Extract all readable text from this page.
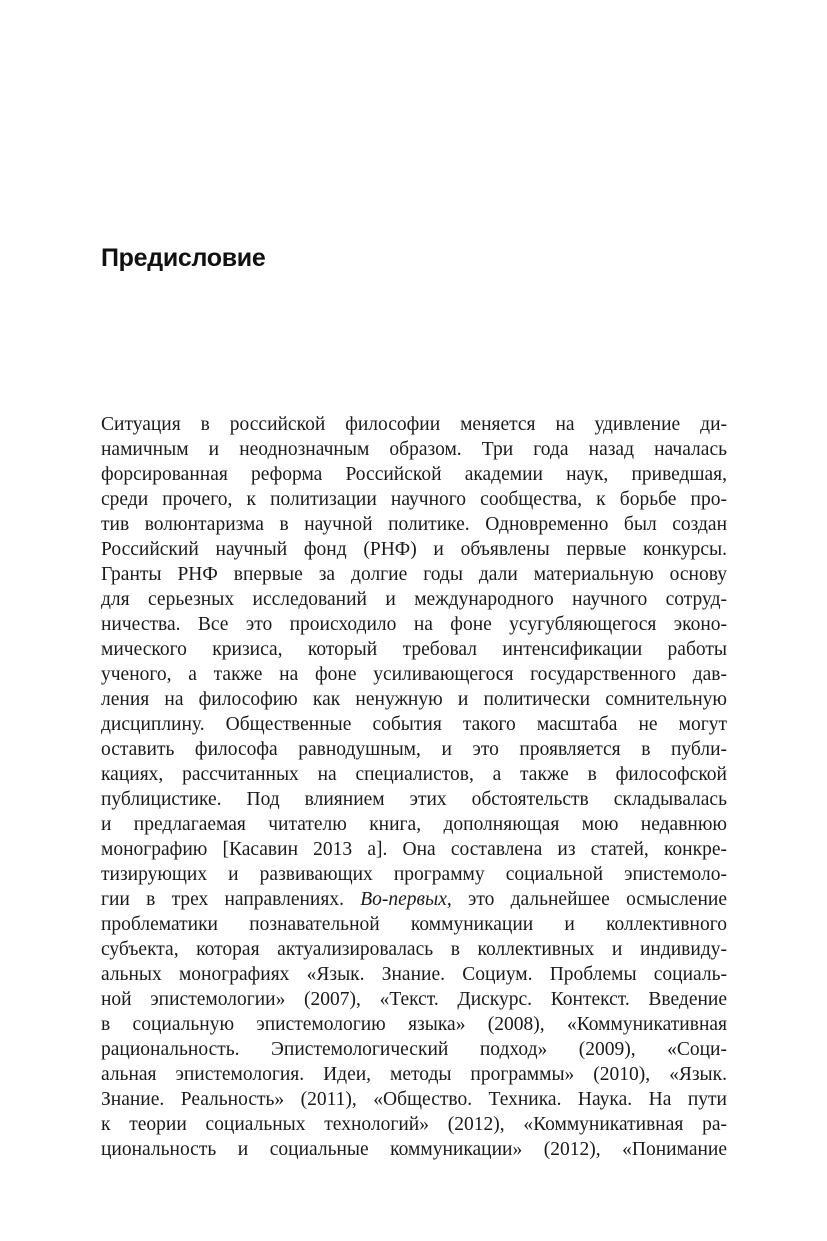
Предисловие
Ситуация в российской философии меняется на удивление ди-
намичным и неоднозначным образом. Три года назад началась
форсированная реформа Российской академии наук, приведшая,
среди прочего, к политизации научного сообщества, к борьбе про-
тив волюнтаризма в научной политике. Одновременно был создан
Российский научный фонд (РНФ) и объявлены первые конкурсы.
Гранты РНФ впервые за долгие годы дали материальную основу
для серьезных исследований и международного научного сотруд-
ничества. Все это происходило на фоне усугубляющегося эконо-
мического кризиса, который требовал интенсификации работы
ученого, а также на фоне усиливающегося государственного дав-
ления на философию как ненужную и политически сомнительную
дисциплину. Общественные события такого масштаба не могут
оставить философа равнодушным, и это проявляется в публи-
кациях, рассчитанных на специалистов, а также в философской
публицистике. Под влиянием этих обстоятельств складывалась
и предлагаемая читателю книга, дополняющая мою недавнюю
монографию [Касавин 2013 а]. Она составлена из статей, конкре-
тизирующих и развивающих программу социальной эпистемоло-
гии в трех направлениях. Во-первых, это дальнейшее осмысление
проблематики познавательной коммуникации и коллективного
субъекта, которая актуализировалась в коллективных и индивиду-
альных монографиях «Язык. Знание. Социум. Проблемы социаль-
ной эпистемологии» (2007), «Текст. Дискурс. Контекст. Введение
в социальную эпистемологию языка» (2008), «Коммуникативная
рациональность. Эпистемологический подход» (2009), «Соци-
альная эпистемология. Идеи, методы программы» (2010), «Язык.
Знание. Реальность» (2011), «Общество. Техника. Наука. На пути
к теории социальных технологий» (2012), «Коммуникативная ра-
циональность и социальные коммуникации» (2012), «Понимание
